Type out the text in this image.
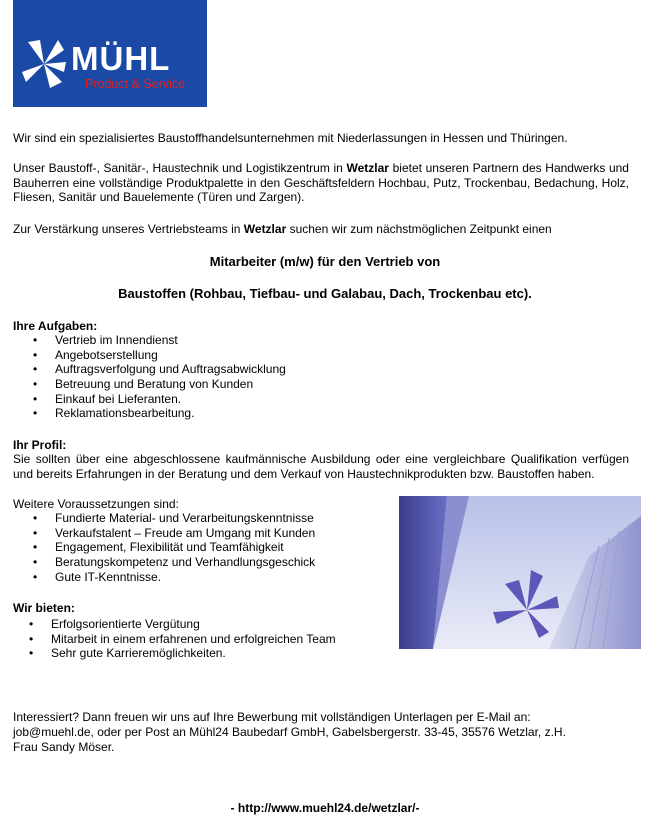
MÜHL
Product & Service
Wir sind ein spezialisiertes Baustoffhandelsunternehmen mit Niederlassungen in Hessen und Thüringen.
Unser Baustoff-, Sanitär-, Haustechnik und Logistikzentrum in Wetzlar bietet unseren Partnern des Handwerks und Bauherren eine vollständige Produktpalette in den Geschäftsfeldern Hochbau, Putz, Trockenbau, Bedachung, Holz, Fliesen, Sanitär und Bauelemente (Türen und Zargen).
Zur Verstärkung unseres Vertriebsteams in Wetzlar suchen wir zum nächstmöglichen Zeitpunkt einen
Mitarbeiter (m/w) für den Vertrieb von
Baustoffen (Rohbau, Tiefbau- und Galabau, Dach, Trockenbau etc).
Ihre Aufgaben:
• Vertrieb im Innendienst
• Angebotserstellung
• Auftragsverfolgung und Auftragsabwicklung
• Betreuung und Beratung von Kunden
• Einkauf bei Lieferanten.
• Reklamationsbearbeitung.
Ihr Profil:
Sie sollten über eine abgeschlossene kaufmännische Ausbildung oder eine vergleichbare Qualifikation verfügen und bereits Erfahrungen in der Beratung und dem Verkauf von Haustechnikprodukten bzw. Baustoffen haben.
Weitere Voraussetzungen sind:
• Fundierte Material- und Verarbeitungskenntnisse
• Verkaufstalent – Freude am Umgang mit Kunden
• Engagement, Flexibilität und Teamfähigkeit
• Beratungskompetenz und Verhandlungsgeschick
• Gute IT-Kenntnisse.
Wir bieten:
• Erfolgsorientierte Vergütung
• Mitarbeit in einem erfahrenen und erfolgreichen Team
• Sehr gute Karrieremöglichkeiten.
Interessiert? Dann freuen wir uns auf Ihre Bewerbung mit vollständigen Unterlagen per E-Mail an:
job@muehl.de, oder per Post an Mühl24 Baubedarf GmbH, Gabelsbergerstr. 33-45, 35576 Wetzlar, z.H.
Frau Sandy Möser.
- http://www.muehl24.de/wetzlar/-
